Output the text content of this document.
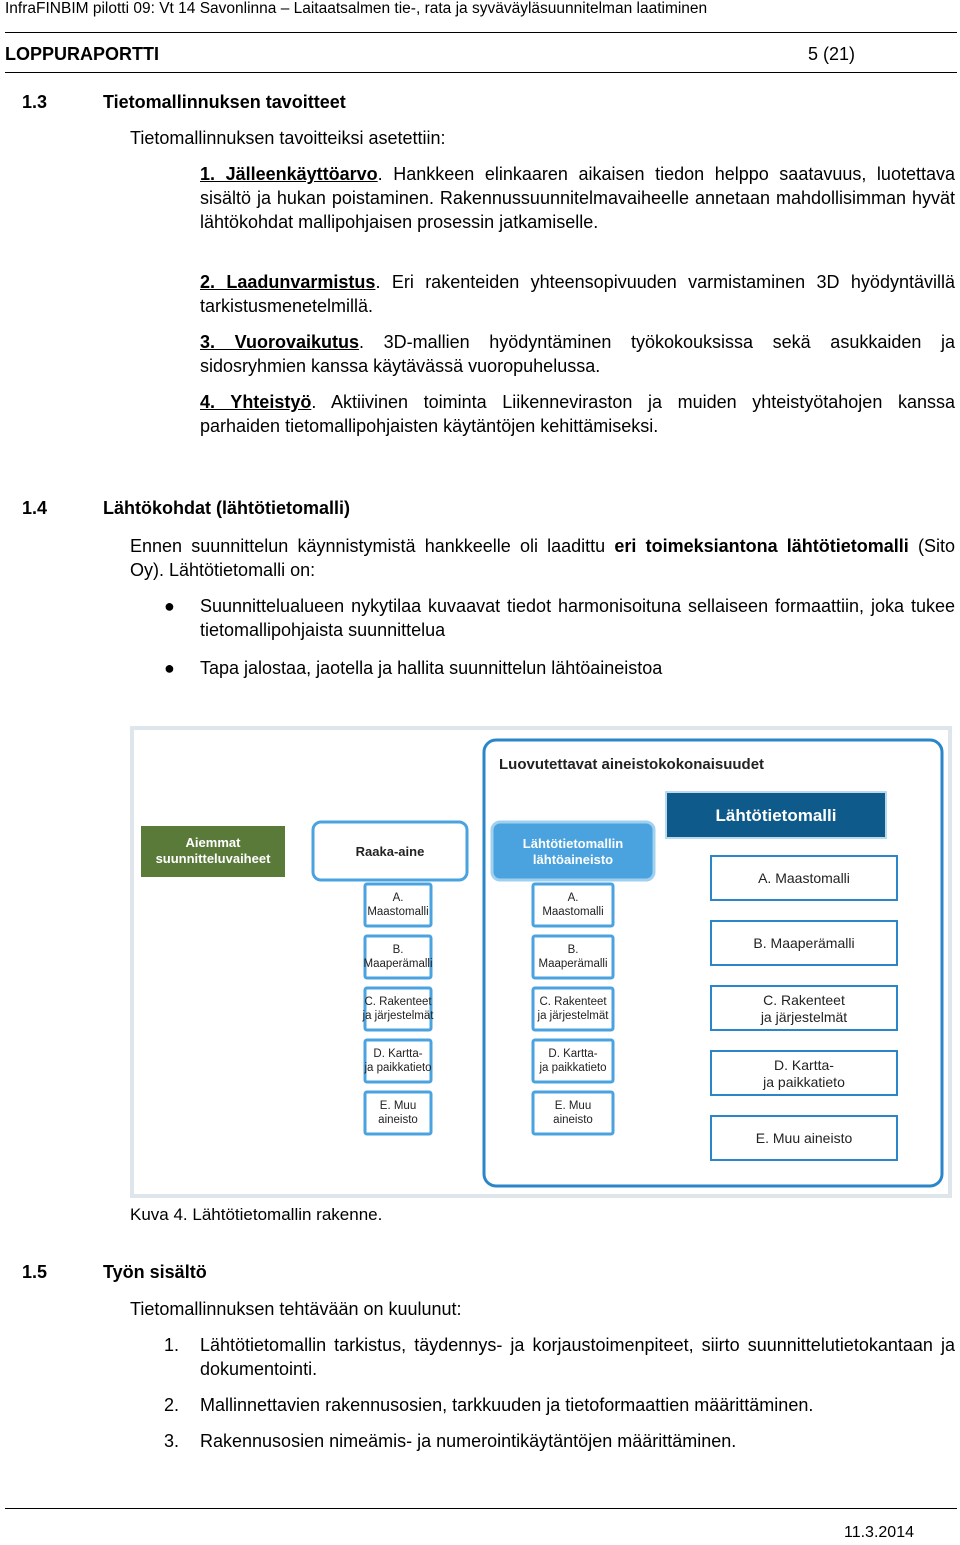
InfraFINBIM pilotti 09: Vt 14 Savonlinna – Laitaatsalmen tie-, rata ja syväväyläsuunnitelman laatiminen
LOPPURAPORTTI	5 (21)
1.3	Tietomallinnuksen tavoitteet
Tietomallinnuksen tavoitteiksi asetettiin:
1. Jälleenkäyttöarvo. Hankkeen elinkaaren aikaisen tiedon helppo saatavuus, luotettava sisältö ja hukan poistaminen. Rakennussuunnitelmavaiheelle annetaan mahdollisimman hyvät lähtökohdat mallipohjaisen prosessin jatkamiselle.
2. Laadunvarmistus. Eri rakenteiden yhteensopivuuden varmistaminen 3D hyödyntävillä tarkistusmenetelmillä.
3. Vuorovaikutus. 3D-mallien hyödyntäminen työkokouksissa sekä asukkaiden ja sidosryhmien kanssa käytävässä vuoropuhelussa.
4. Yhteistyö. Aktiivinen toiminta Liikenneviraston ja muiden yhteistyötahojen kanssa parhaiden tietomallipohjaisten käytäntöjen kehittämiseksi.
1.4	Lähtökohdat (lähtötietomalli)
Ennen suunnittelun käynnistymistä hankkeelle oli laadittu eri toimeksiantona lähtötietomalli (Sito Oy). Lähtötietomalli on:
● Suunnittelualueen nykytilaa kuvaavat tiedot harmonisoituna sellaiseen formaattiin, joka tukee tietomallipohjaista suunnittelua
● Tapa jalostaa, jaotella ja hallita suunnittelun lähtöaineistoa
Luovutettavat aineistokokonaisuudet
Aiemmat
suunnitteluvaiheet	Raaka-aine
A.
Maastomalli
B.
Maaperämalli
C. Rakenteet
ja järjestelmät
D. Kartta-
ja paikkatieto
E. Muu
aineisto
Lähtötietomallin
lähtöaineisto
A.
Maastomalli
B.
Maaperämalli
C. Rakenteet
ja järjestelmät
D. Kartta-
ja paikkatieto
E. Muu
aineisto
Lähtötietomalli
A. Maastomalli
B. Maaperämalli
C. Rakenteet
ja järjestelmät
D. Kartta-
ja paikkatieto
E. Muu aineisto
Kuva 4. Lähtötietomallin rakenne.
1.5	Työn sisältö
Tietomallinnuksen tehtävään on kuulunut:
1. Lähtötietomallin tarkistus, täydennys- ja korjaustoimenpiteet, siirto suunnittelutietokantaan ja dokumentointi.
2. Mallinnettavien rakennusosien, tarkkuuden ja tietoformaattien määrittäminen.
3. Rakennusosien nimeämis- ja numerointikäytäntöjen määrittäminen.
11.3.2014
